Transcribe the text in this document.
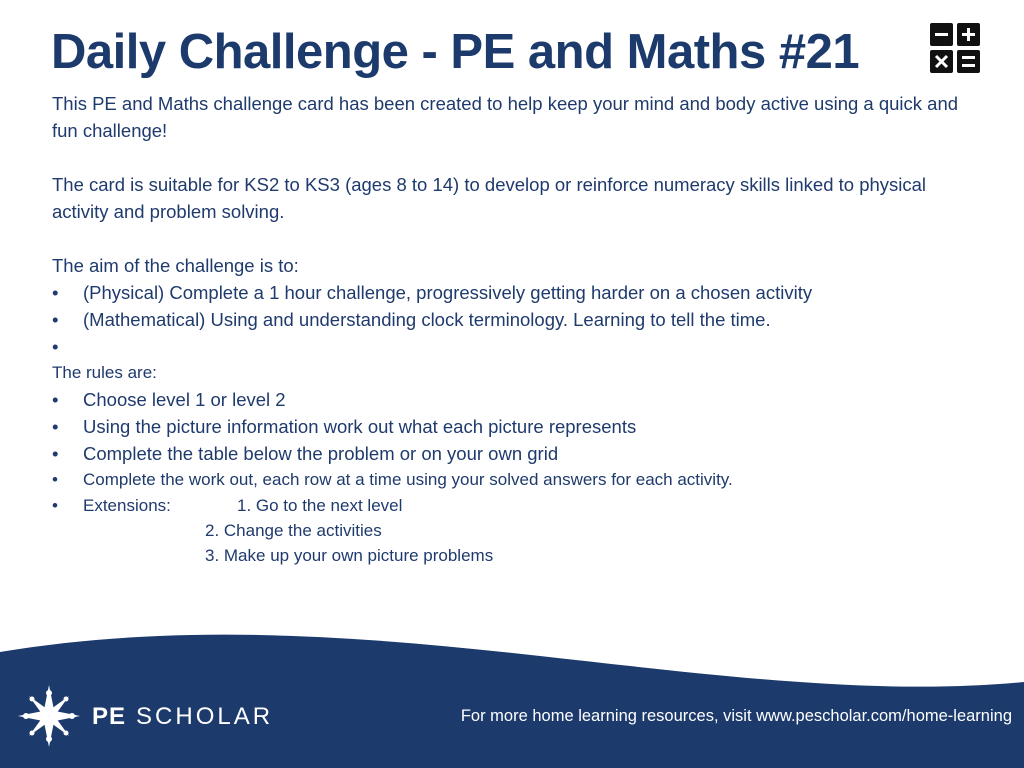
Daily Challenge - PE and Maths #21

This PE and Maths challenge card has been created to help keep your mind and body active using a quick and fun challenge!

The card is suitable for KS2 to KS3 (ages 8 to 14) to develop or reinforce numeracy skills linked to physical activity and problem solving.

The aim of the challenge is to:

• (Physical) Complete a 1 hour challenge, progressively getting harder on a chosen activity
• (Mathematical) Using and understanding clock terminology. Learning to tell the time.
•

The rules are:

• Choose level 1 or level 2
• Using the picture information work out what each picture represents
• Complete the table below the problem or on your own grid
• Complete the work out, each row at a time using your solved answers for each activity.
• Extensions:	1. Go to the next level
2. Change the activities
3. Make up your own picture problems
PE SCHOLAR	For more home learning resources, visit www.pescholar.com/home-learning
